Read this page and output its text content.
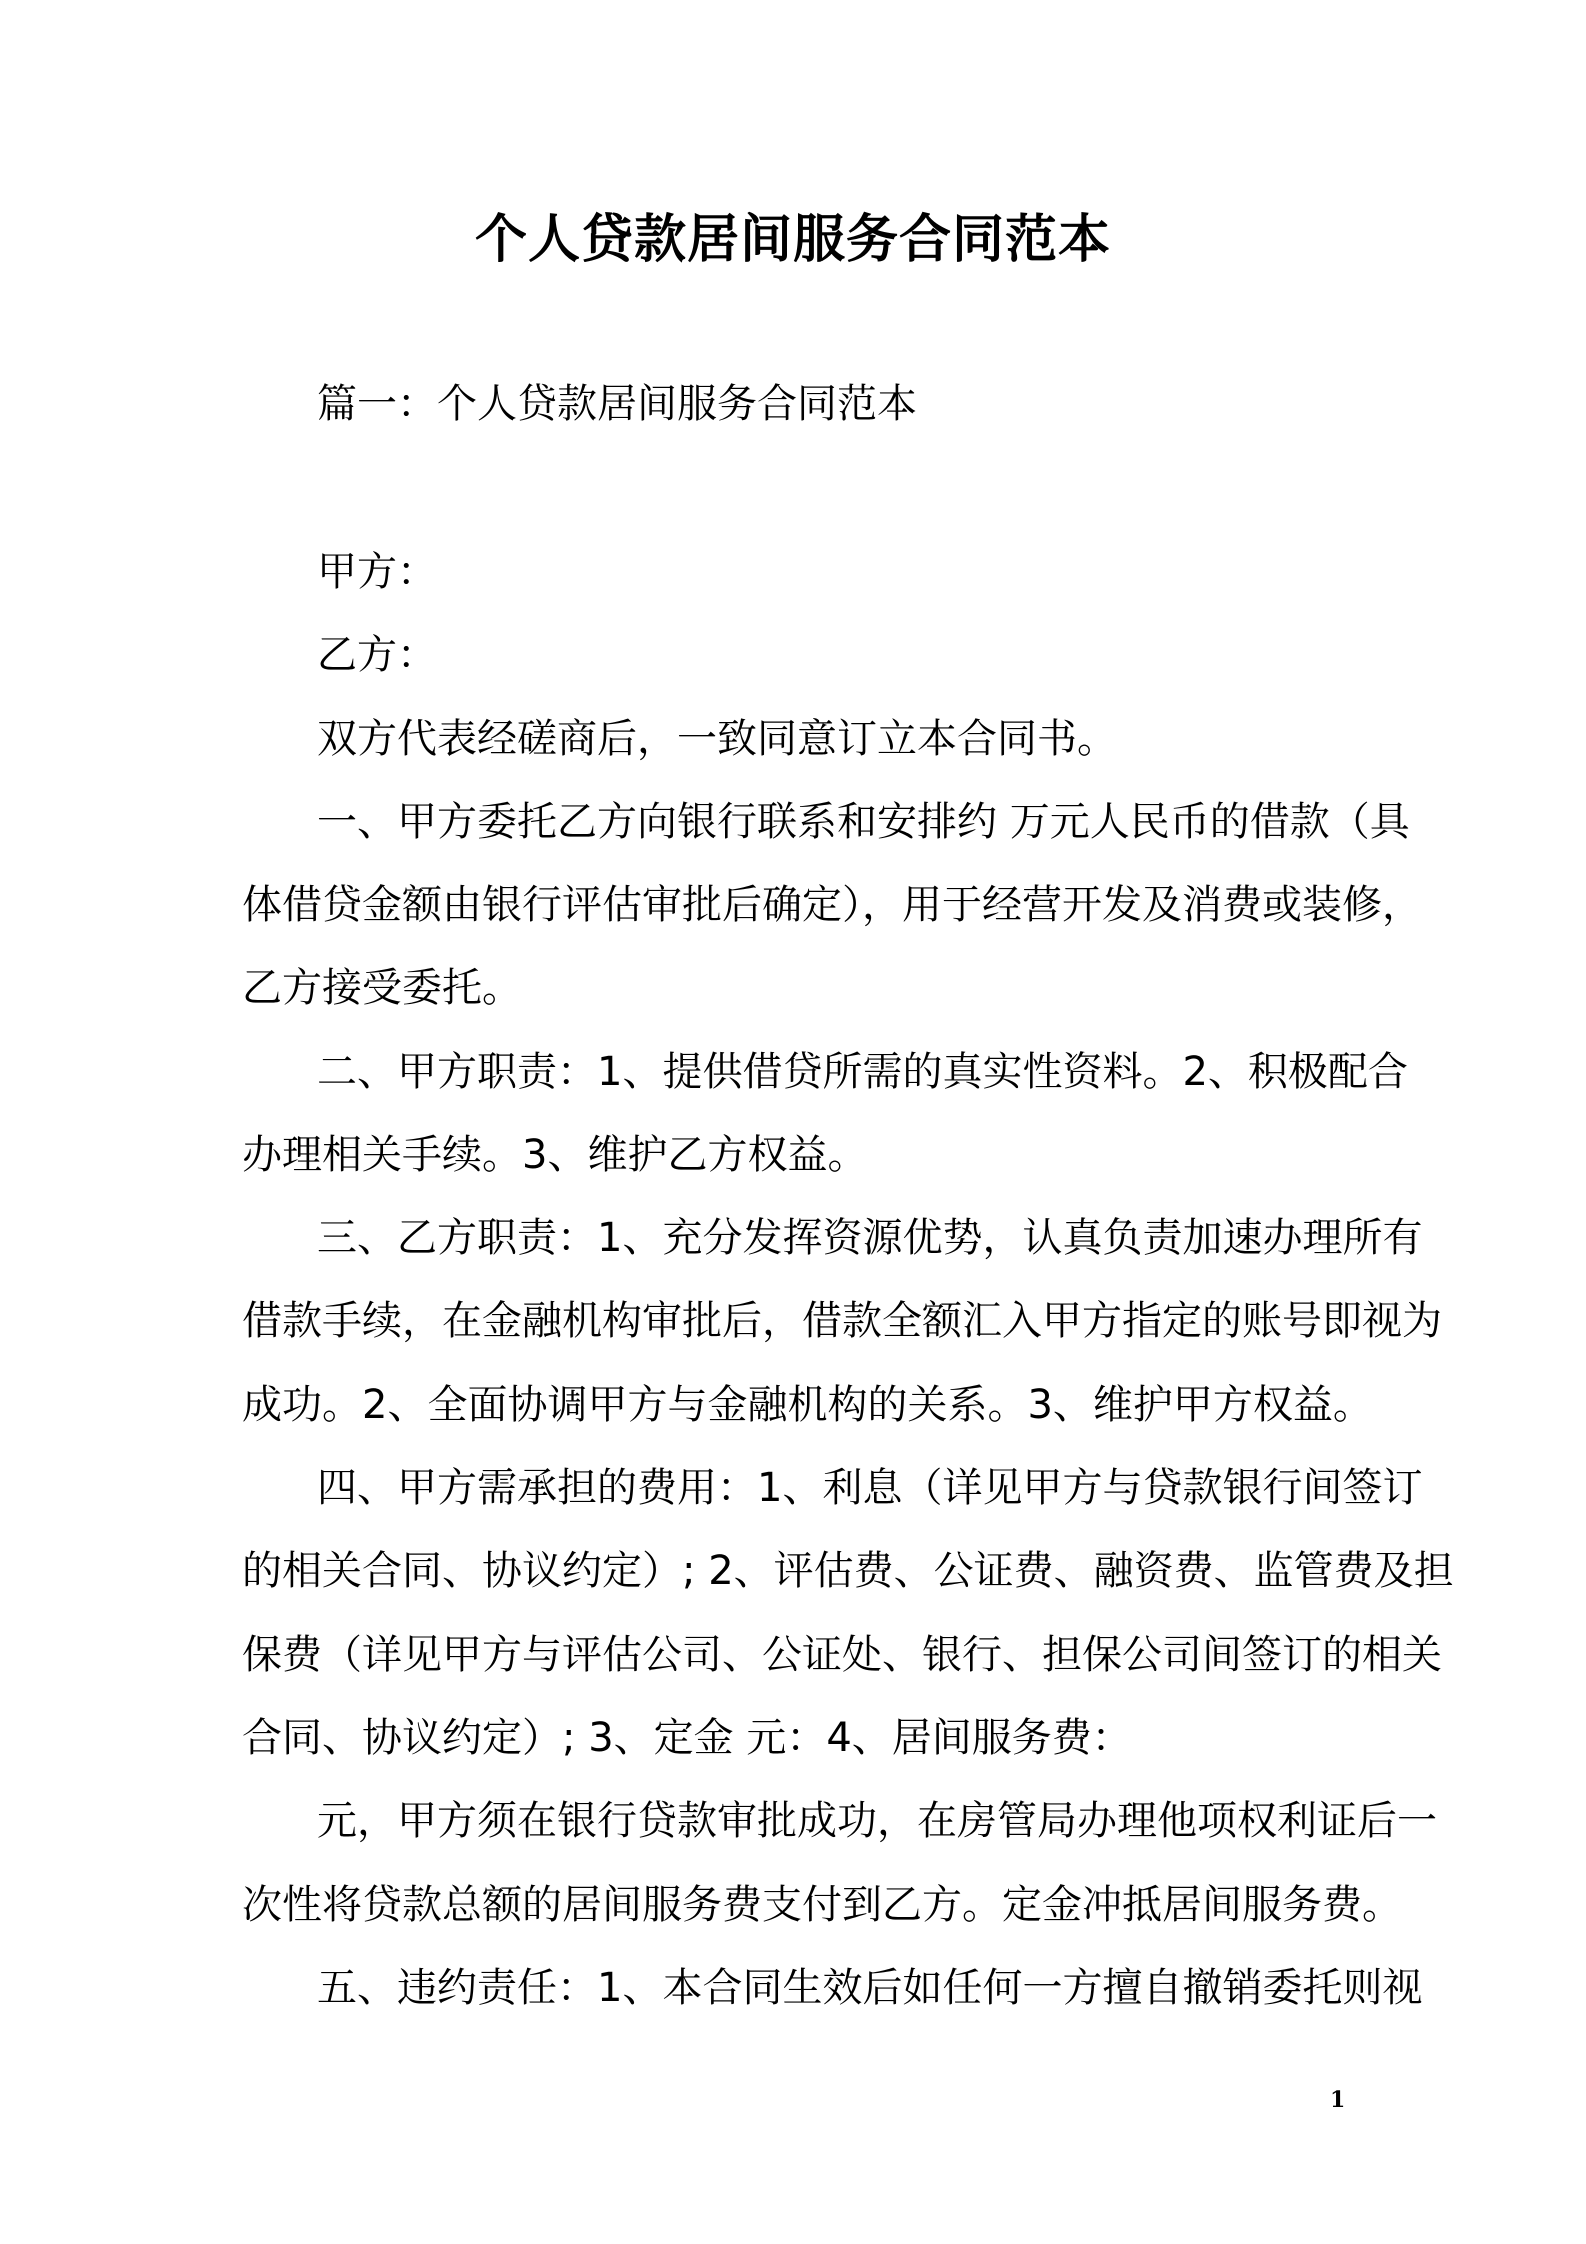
个人贷款居间服务合同范本
篇一：个人贷款居间服务合同范本
甲方：
乙方：
双方代表经磋商后，一致同意订立本合同书。
一、甲方委托乙方向银行联系和安排约 万元人民币的借款（具
体借贷金额由银行评估审批后确定），用于经营开发及消费或装修，
乙方接受委托。
二、甲方职责：1、提供借贷所需的真实性资料。2、积极配合
办理相关手续。3、维护乙方权益。
三、乙方职责：1、充分发挥资源优势，认真负责加速办理所有
借款手续，在金融机构审批后，借款全额汇入甲方指定的账号即视为
成功。2、全面协调甲方与金融机构的关系。3、维护甲方权益。
四、甲方需承担的费用：1、利息（详见甲方与贷款银行间签订
的相关合同、协议约定）; 2、评估费、公证费、融资费、监管费及担
保费（详见甲方与评估公司、公证处、银行、担保公司间签订的相关
合同、协议约定）; 3、定金 元：4、居间服务费：
元，甲方须在银行贷款审批成功，在房管局办理他项权利证后一
次性将贷款总额的居间服务费支付到乙方。定金冲抵居间服务费。
五、违约责任：1、本合同生效后如任何一方擅自撤销委托则视
1
